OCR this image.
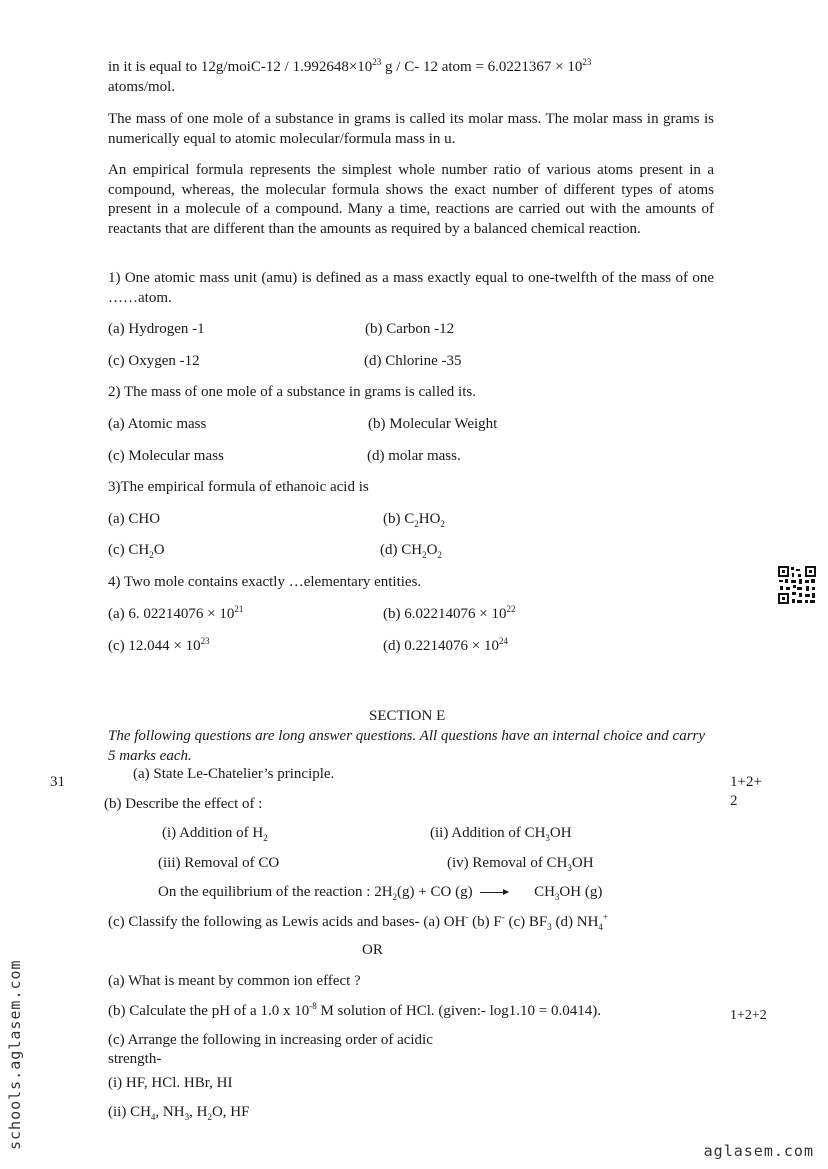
in it is equal to 12g/moiC-12 / $1.992648\times 10^{23}$ g / C- 12 atom = $6.0221367 \times 10^{23}$
atoms/mol.
The mass of one mole of a substance in grams is called its molar mass. The molar mass in grams is numerically equal to atomic molecular/formula mass in u.
An empirical formula represents the simplest whole number ratio of various atoms present in a compound, whereas, the molecular formula shows the exact number of different types of atoms present in a molecule of a compound. Many a time, reactions are carried out with the amounts of reactants that are different than the amounts as required by a balanced chemical reaction.
1) One atomic mass unit (amu) is defined as a mass exactly equal to one-twelfth of the mass of one ……atom.
(a) Hydrogen -1	(b) Carbon -12
(c) Oxygen -12	(d) Chlorine -35
2) The mass of one mole of a substance in grams is called its.
(a) Atomic mass	(b) Molecular Weight
(c) Molecular mass	(d) molar mass.
3)The empirical formula of ethanoic acid is
(a) CHO	(b) $C_2HO_2$
(c) $CH_2O$	(d) $CH_2O_2$
4) Two mole contains exactly …elementary entities.
(a) 6. $02214076 \times 10^{21}$	(b) $6.02214076 \times 10^{22}$
(c) $12.044 \times 10^{23}$	(d) $0.2214076 \times 10^{24}$
SECTION E
The following questions are long answer questions. All questions have an internal choice and carry 5 marks each.
31	1+2+
2
(a) State Le-Chatelier’s principle.
(b) Describe the effect of :
(i) Addition of $H_2$	(ii) Addition of $CH_3OH$
(iii) Removal of CO	(iv) Removal of $CH_3OH$
On the equilibrium of the reaction : $2H_2(g)$ + CO $(g) \to CH_3OH$ (g)
(c) Classify the following as Lewis acids and bases- (a) OH- (b) F- (c) $BF_3$ (d) $NH_4^+$
OR
(a) What is meant by common ion effect ?
(b) Calculate the pH of a 1.0 x $10^{-8}$ M solution of HCl. (given:- log1.10 = 0.0414).	1+2+2
(c) Arrange the following in increasing order of acidic
strength-
(i) HF, HCl. HBr, HI
(ii) $CH_4$, $NH_3$, $H_2O$, HF
schools.aglasem.com
aglasem.com
